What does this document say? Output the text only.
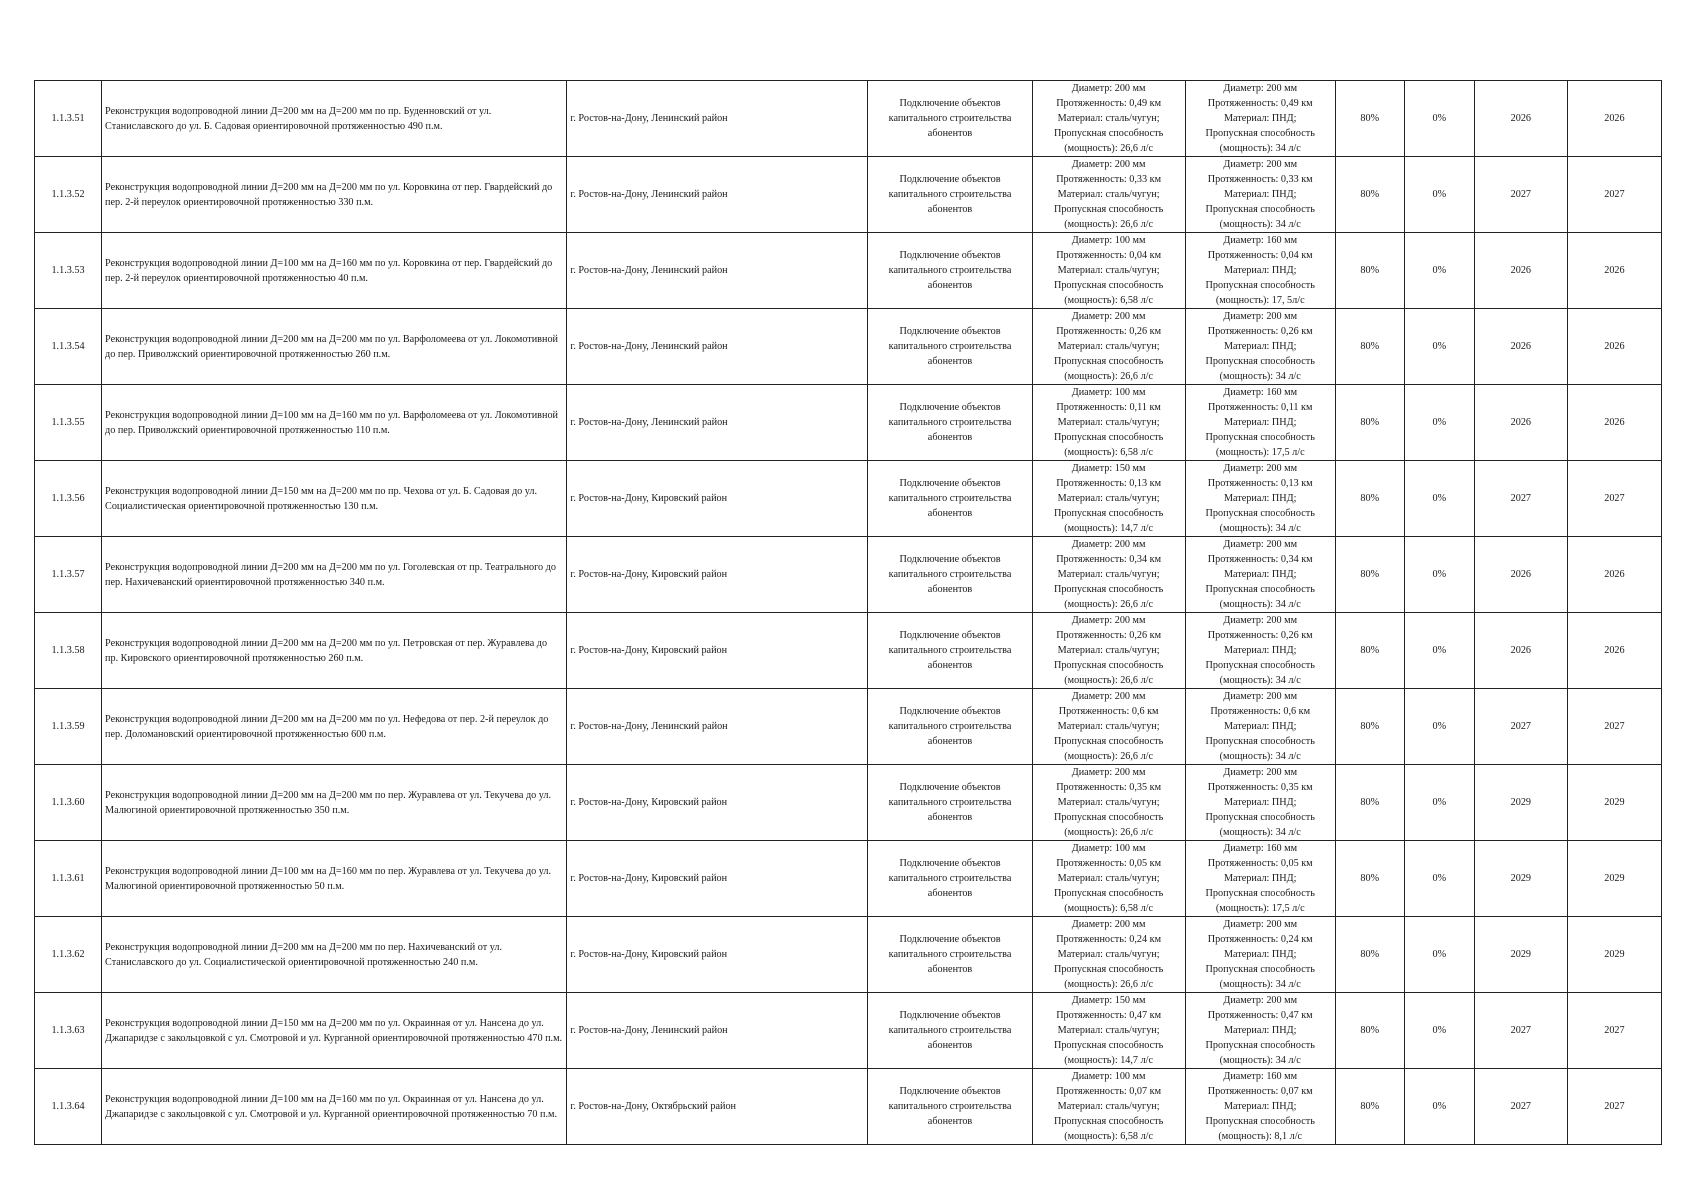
1.1.3.51	Реконструкция водопроводной линии Д=200 мм на Д=200 мм по пр. Буденновский от ул. Станиславского до ул. Б. Садовая ориентировочной протяженностью 490 п.м.	г. Ростов-на-Дону, Ленинский район	Подключение объектов капитального строительства абонентов	Диаметр: 200 мм
Протяженность: 0,49 км
Материал: сталь/чугун;
Пропускная способность
(мощность): 26,6 л/с	Диаметр: 200 мм
Протяженность: 0,49 км
Материал: ПНД;
Пропускная способность
(мощность): 34 л/с	80%	0%	2026	2026
1.1.3.52	Реконструкция водопроводной линии Д=200 мм на Д=200 мм по ул. Коровкина от пер. Гвардейский до пер. 2-й переулок ориентировочной протяженностью 330 п.м.	г. Ростов-на-Дону, Ленинский район	Подключение объектов капитального строительства абонентов	Диаметр: 200 мм
Протяженность: 0,33 км
Материал: сталь/чугун;
Пропускная способность
(мощность): 26,6 л/с	Диаметр: 200 мм
Протяженность: 0,33 км
Материал: ПНД;
Пропускная способность
(мощность): 34 л/с	80%	0%	2027	2027
1.1.3.53	Реконструкция водопроводной линии Д=100 мм на Д=160 мм по ул. Коровкина от пер. Гвардейский до пер. 2-й переулок ориентировочной протяженностью 40 п.м.	г. Ростов-на-Дону, Ленинский район	Подключение объектов капитального строительства абонентов	Диаметр: 100 мм
Протяженность: 0,04 км
Материал: сталь/чугун;
Пропускная способность
(мощность): 6,58 л/с	Диаметр: 160 мм
Протяженность: 0,04 км
Материал: ПНД;
Пропускная способность
(мощность): 17, 5л/с	80%	0%	2026	2026
1.1.3.54	Реконструкция водопроводной линии Д=200 мм на Д=200 мм по ул. Варфоломеева от ул. Локомотивной до пер. Приволжский ориентировочной протяженностью 260 п.м.	г. Ростов-на-Дону, Ленинский район	Подключение объектов капитального строительства абонентов	Диаметр: 200 мм
Протяженность: 0,26 км
Материал: сталь/чугун;
Пропускная способность
(мощность): 26,6 л/с	Диаметр: 200 мм
Протяженность: 0,26 км
Материал: ПНД;
Пропускная способность
(мощность): 34 л/с	80%	0%	2026	2026
1.1.3.55	Реконструкция водопроводной линии Д=100 мм на Д=160 мм по ул. Варфоломеева от ул. Локомотивной до пер. Приволжский ориентировочной протяженностью 110 п.м.	г. Ростов-на-Дону, Ленинский район	Подключение объектов капитального строительства абонентов	Диаметр: 100 мм
Протяженность: 0,11 км
Материал: сталь/чугун;
Пропускная способность
(мощность): 6,58 л/с	Диаметр: 160 мм
Протяженность: 0,11 км
Материал: ПНД;
Пропускная способность
(мощность): 17,5 л/с	80%	0%	2026	2026
1.1.3.56	Реконструкция водопроводной линии Д=150 мм на Д=200 мм по пр. Чехова от ул. Б. Садовая до ул. Социалистическая ориентировочной протяженностью 130 п.м.	г. Ростов-на-Дону, Кировский район	Подключение объектов капитального строительства абонентов	Диаметр: 150 мм
Протяженность: 0,13 км
Материал: сталь/чугун;
Пропускная способность
(мощность): 14,7 л/с	Диаметр: 200 мм
Протяженность: 0,13 км
Материал: ПНД;
Пропускная способность
(мощность): 34 л/с	80%	0%	2027	2027
1.1.3.57	Реконструкция водопроводной линии Д=200 мм на Д=200 мм по ул. Гоголевская от пр. Театрального до пер. Нахичеванский ориентировочной протяженностью 340 п.м.	г. Ростов-на-Дону, Кировский район	Подключение объектов капитального строительства абонентов	Диаметр: 200 мм
Протяженность: 0,34 км
Материал: сталь/чугун;
Пропускная способность
(мощность): 26,6 л/с	Диаметр: 200 мм
Протяженность: 0,34 км
Материал: ПНД;
Пропускная способность
(мощность): 34 л/с	80%	0%	2026	2026
1.1.3.58	Реконструкция водопроводной линии Д=200 мм на Д=200 мм по ул. Петровская от пер. Журавлева до пр. Кировского ориентировочной протяженностью 260 п.м.	г. Ростов-на-Дону, Кировский район	Подключение объектов капитального строительства абонентов	Диаметр: 200 мм
Протяженность: 0,26 км
Материал: сталь/чугун;
Пропускная способность
(мощность): 26,6 л/с	Диаметр: 200 мм
Протяженность: 0,26 км
Материал: ПНД;
Пропускная способность
(мощность): 34 л/с	80%	0%	2026	2026
1.1.3.59	Реконструкция водопроводной линии Д=200 мм на Д=200 мм по ул. Нефедова от пер. 2-й переулок до пер. Доломановский ориентировочной протяженностью 600 п.м.	г. Ростов-на-Дону, Ленинский район	Подключение объектов капитального строительства абонентов	Диаметр: 200 мм
Протяженность: 0,6 км
Материал: сталь/чугун;
Пропускная способность
(мощность): 26,6 л/с	Диаметр: 200 мм
Протяженность: 0,6 км
Материал: ПНД;
Пропускная способность
(мощность): 34 л/с	80%	0%	2027	2027
1.1.3.60	Реконструкция водопроводной линии Д=200 мм на Д=200 мм по пер. Журавлева от ул. Текучева до ул. Малюгиной ориентировочной протяженностью 350 п.м.	г. Ростов-на-Дону, Кировский район	Подключение объектов капитального строительства абонентов	Диаметр: 200 мм
Протяженность: 0,35 км
Материал: сталь/чугун;
Пропускная способность
(мощность): 26,6 л/с	Диаметр: 200 мм
Протяженность: 0,35 км
Материал: ПНД;
Пропускная способность
(мощность): 34 л/с	80%	0%	2029	2029
1.1.3.61	Реконструкция водопроводной линии Д=100 мм на Д=160 мм по пер. Журавлева от ул. Текучева до ул. Малюгиной ориентировочной протяженностью 50 п.м.	г. Ростов-на-Дону, Кировский район	Подключение объектов капитального строительства абонентов	Диаметр: 100 мм
Протяженность: 0,05 км
Материал: сталь/чугун;
Пропускная способность
(мощность): 6,58 л/с	Диаметр: 160 мм
Протяженность: 0,05 км
Материал: ПНД;
Пропускная способность
(мощность): 17,5 л/с	80%	0%	2029	2029
1.1.3.62	Реконструкция водопроводной линии Д=200 мм на Д=200 мм по пер. Нахичеванский от ул. Станиславского до ул. Социалистической ориентировочной протяженностью 240 п.м.	г. Ростов-на-Дону, Кировский район	Подключение объектов капитального строительства абонентов	Диаметр: 200 мм
Протяженность: 0,24 км
Материал: сталь/чугун;
Пропускная способность
(мощность): 26,6 л/с	Диаметр: 200 мм
Протяженность: 0,24 км
Материал: ПНД;
Пропускная способность
(мощность): 34 л/с	80%	0%	2029	2029
1.1.3.63	Реконструкция водопроводной линии Д=150 мм на Д=200 мм по ул. Окраинная от ул. Нансена до ул. Джапаридзе с закольцовкой с ул. Смотровой и ул. Курганной ориентировочной протяженностью 470 п.м.	г. Ростов-на-Дону, Ленинский район	Подключение объектов капитального строительства абонентов	Диаметр: 150 мм
Протяженность: 0,47 км
Материал: сталь/чугун;
Пропускная способность
(мощность): 14,7 л/с	Диаметр: 200 мм
Протяженность: 0,47 км
Материал: ПНД;
Пропускная способность
(мощность): 34 л/с	80%	0%	2027	2027
1.1.3.64	Реконструкция водопроводной линии Д=100 мм на Д=160 мм по ул. Окраинная от ул. Нансена до ул. Джапаридзе с закольцовкой с ул. Смотровой и ул. Курганной ориентировочной протяженностью 70 п.м.	г. Ростов-на-Дону, Октябрьский район	Подключение объектов капитального строительства абонентов	Диаметр: 100 мм
Протяженность: 0,07 км
Материал: сталь/чугун;
Пропускная способность
(мощность): 6,58 л/с	Диаметр: 160 мм
Протяженность: 0,07 км
Материал: ПНД;
Пропускная способность
(мощность): 8,1 л/с	80%	0%	2027	2027
